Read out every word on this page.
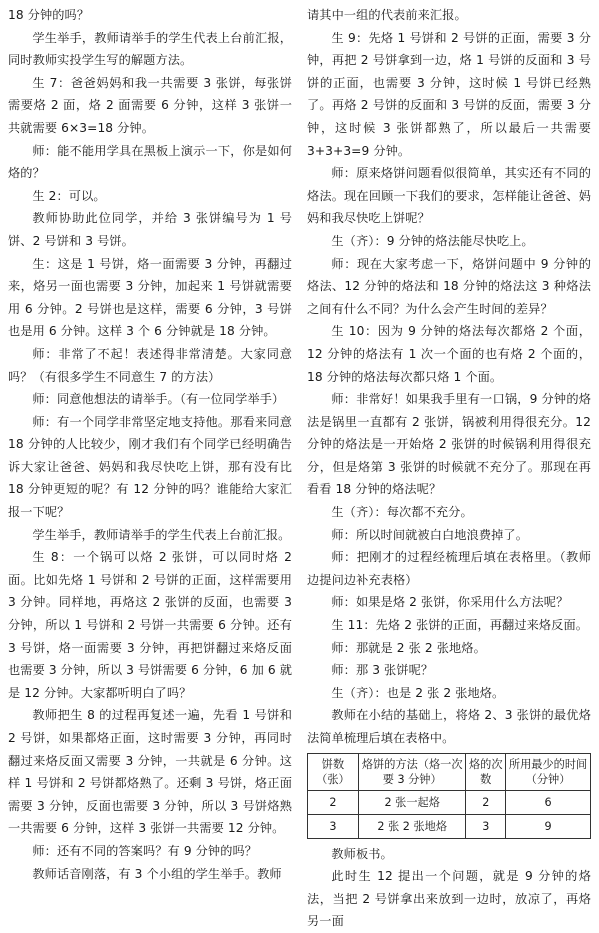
18 分钟的吗？

学生举手，教师请举手的学生代表上台前汇报，同时教师实投学生写的解题方法。

生 7：爸爸妈妈和我一共需要 3 张饼，每张饼需要烙 2 面，烙 2 面需要 6 分钟，这样 3 张饼一共就需要 6×3=18 分钟。

师：能不能用学具在黑板上演示一下，你是如何烙的？

生 2：可以。

教师协助此位同学，并给 3 张饼编号为 1 号饼、2 号饼和 3 号饼。

生：这是 1 号饼，烙一面需要 3 分钟，再翻过来，烙另一面也需要 3 分钟，加起来 1 号饼就需要用 6 分钟。2 号饼也是这样，需要 6 分钟，3 号饼也是用 6 分钟。这样 3 个 6 分钟就是 18 分钟。

师：非常了不起！表述得非常清楚。大家同意吗？（有很多学生不同意生 7 的方法）

师：同意他想法的请举手。（有一位同学举手）

师：有一个同学非常坚定地支持他。那看来同意 18 分钟的人比较少，刚才我们有个同学已经明确告诉大家让爸爸、妈妈和我尽快吃上饼，那有没有比 18 分钟更短的呢？有 12 分钟的吗？谁能给大家汇报一下呢？

学生举手，教师请举手的学生代表上台前汇报。

生 8：一个锅可以烙 2 张饼，可以同时烙 2 面。比如先烙 1 号饼和 2 号饼的正面，这样需要用 3 分钟。同样地，再烙这 2 张饼的反面，也需要 3 分钟，所以 1 号饼和 2 号饼一共需要 6 分钟。还有 3 号饼，烙一面需要 3 分钟，再把饼翻过来烙反面也需要 3 分钟，所以 3 号饼需要 6 分钟，6 加 6 就是 12 分钟。大家都听明白了吗？

教师把生 8 的过程再复述一遍，先看 1 号饼和 2 号饼，如果都烙正面，这时需要 3 分钟，再同时翻过来烙反面又需要 3 分钟，一共就是 6 分钟。这样 1 号饼和 2 号饼都烙熟了。还剩 3 号饼，烙正面需要 3 分钟，反面也需要 3 分钟，所以 3 号饼烙熟一共需要 6 分钟，这样 3 张饼一共需要 12 分钟。

师：还有不同的答案吗？有 9 分钟的吗？

教师话音刚落，有 3 个小组的学生举手。教师

请其中一组的代表前来汇报。

生 9：先烙 1 号饼和 2 号饼的正面，需要 3 分钟，再把 2 号饼拿到一边，烙 1 号饼的反面和 3 号饼的正面，也需要 3 分钟，这时候 1 号饼已经熟了。再烙 2 号饼的反面和 3 号饼的反面，需要 3 分钟，这时候 3 张饼都熟了，所以最后一共需要 3+3+3=9 分钟。

师：原来烙饼问题看似很简单，其实还有不同的烙法。现在回顾一下我们的要求，怎样能让爸爸、妈妈和我尽快吃上饼呢？

生（齐）：9 分钟的烙法能尽快吃上。

师：现在大家考虑一下，烙饼问题中 9 分钟的烙法、12 分钟的烙法和 18 分钟的烙法这 3 种烙法之间有什么不同？为什么会产生时间的差异？

生 10：因为 9 分钟的烙法每次都烙 2 个面，12 分钟的烙法有 1 次一个面的也有烙 2 个面的，18 分钟的烙法每次都只烙 1 个面。

师：非常好！如果我手里有一口锅，9 分钟的烙法是锅里一直都有 2 张饼，锅被利用得很充分。12 分钟的烙法是一开始烙 2 张饼的时候锅利用得很充分，但是烙第 3 张饼的时候就不充分了。那现在再看看 18 分钟的烙法呢？

生（齐）：每次都不充分。

师：所以时间就被白白地浪费掉了。

师：把刚才的过程经梳理后填在表格里。（教师边提问边补充表格）

师：如果是烙 2 张饼，你采用什么方法呢？

生 11：先烙 2 张饼的正面，再翻过来烙反面。

师：那就是 2 张 2 张地烙。

师：那 3 张饼呢？

生（齐）：也是 2 张 2 张地烙。

教师在小结的基础上，将烙 2、3 张饼的最优烙法简单梳理后填在表格中。

饼数（张）	烙饼的方法（烙一次要 3 分钟）	烙的次数	所用最少的时间（分钟）
2	2 张一起烙	2	6
3	2 张 2 张地烙	3	9

教师板书。

此时生 12 提出一个问题，就是 9 分钟的烙法，当把 2 号饼拿出来放到一边时，放凉了，再烙另一面
